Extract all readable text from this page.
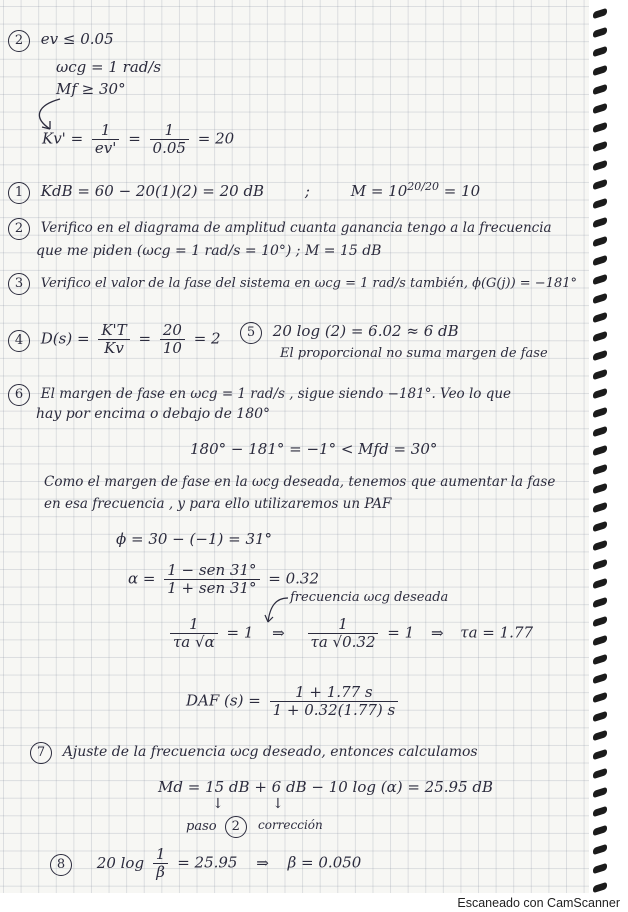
2 ev ≤ 0.05
ωcg = 1 rad/s
Mf ≥ 30°
$Kv' = \frac{1}{ev'} = \frac{1}{0.05} = 20$
1 KdB = 60 − 20(1)(2) = 20 dB	;	$M = 10^{20/20} = 10$
2 Verifico en el diagrama de amplitud cuanta ganancia tengo a la frecuencia
que me piden (ωcg = 1 rad/s = 10°) ; M = 15 dB
3 Verifico el valor de la fase del sistema en ωcg = 1 rad/s también, ϕ(G(j)) = −181°
4 $D(s) = \frac{K'T}{Kv} = \frac{20}{10} = 2$	5 20 log (2) = 6.02 ≈ 6 dB
El proporcional no suma margen de fase
6 El margen de fase en ωcg = 1 rad/s , sigue siendo −181°. Veo lo que
hay por encima o debajo de 180°
180° − 181° = −1° < Mfd = 30°
Como el margen de fase en la ωcg deseada, tenemos que aumentar la fase
en esa frecuencia , y para ello utilizaremos un PAF
ϕ = 30 − (−1) = 31°
$\alpha = \frac{\text{1 − sen 31°}}{\text{1 + sen 31°}} = 0.32$
frecuencia ωcg deseada
$\frac{1}{\tau a √\alpha} = 1$ ⇒ $\frac{1}{\tau a √0.32} = 1$ ⇒ τa = 1.77
DAF $(s) = \frac{1 + 1.77 s}{1 + 0.32(1.77) s}$
7 Ajuste de la frecuencia ωcg deseado, entonces calculamos
Md = 15 dB + 6 dB − 10 log (α) = 25.95 dB
↓	↓
paso 2	corrección
8 20 $\log \frac{1}{\beta} = 25.95$ ⇒ β = 0.050
Escaneado con CamScanner
